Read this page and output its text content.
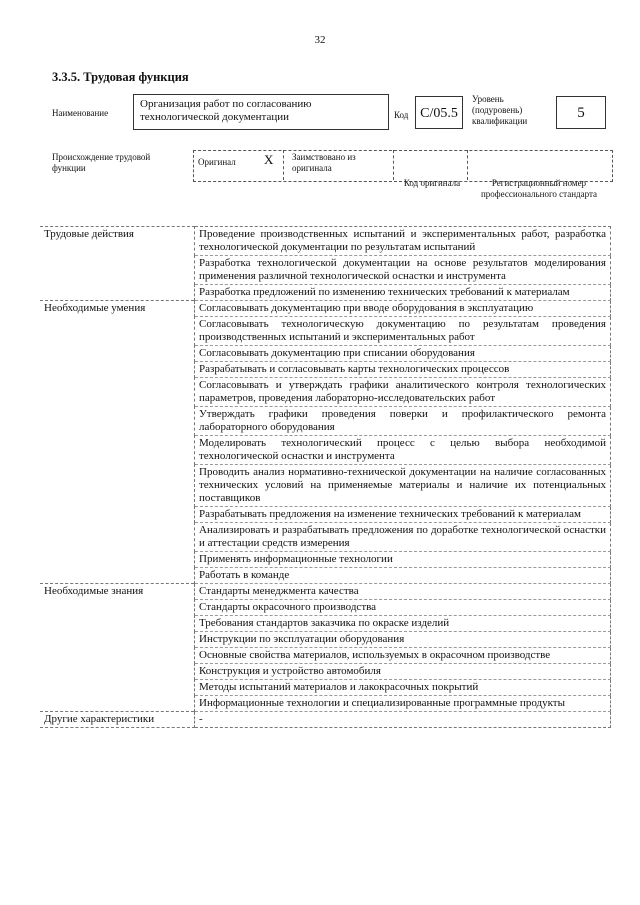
32
3.3.5. Трудовая функция
Наименование
Организация работ по согласованию технологической документации	Код C/05.5
Уровень (подуровень) квалификации	5
Происхождение трудовой функции
Оригинал X Заимствовано из оригинала
Код оригинала	Регистрационный номер профессионального стандарта
Трудовые действия	Проведение производственных испытаний и экспериментальных работ, разработка технологической документации по результатам испытаний
	Разработка технологической документации на основе результатов моделирования применения различной технологической оснастки и инструмента
	Разработка предложений по изменению технических требований к материалам
Необходимые умения	Согласовывать документацию при вводе оборудования в эксплуатацию
	Согласовывать технологическую документацию по результатам проведения производственных испытаний и экспериментальных работ
	Согласовывать документацию при списании оборудования
	Разрабатывать и согласовывать карты технологических процессов
	Согласовывать и утверждать графики аналитического контроля технологических параметров, проведения лабораторно-исследовательских работ
	Утверждать графики проведения поверки и профилактического ремонта лабораторного оборудования
	Моделировать технологический процесс с целью выбора необходимой технологической оснастки и инструмента
	Проводить анализ нормативно-технической документации на наличие согласованных технических условий на применяемые материалы и наличие их потенциальных поставщиков
	Разрабатывать предложения на изменение технических требований к материалам
	Анализировать и разрабатывать предложения по доработке технологической оснастки и аттестации средств измерения
	Применять информационные технологии
	Работать в команде
Необходимые знания	Стандарты менеджмента качества
	Стандарты окрасочного производства
	Требования стандартов заказчика по окраске изделий
	Инструкции по эксплуатации оборудования
	Основные свойства материалов, используемых в окрасочном производстве
	Конструкция и устройство автомобиля
	Методы испытаний материалов и лакокрасочных покрытий
	Информационные технологии и специализированные программные продукты
Другие характеристики	-
